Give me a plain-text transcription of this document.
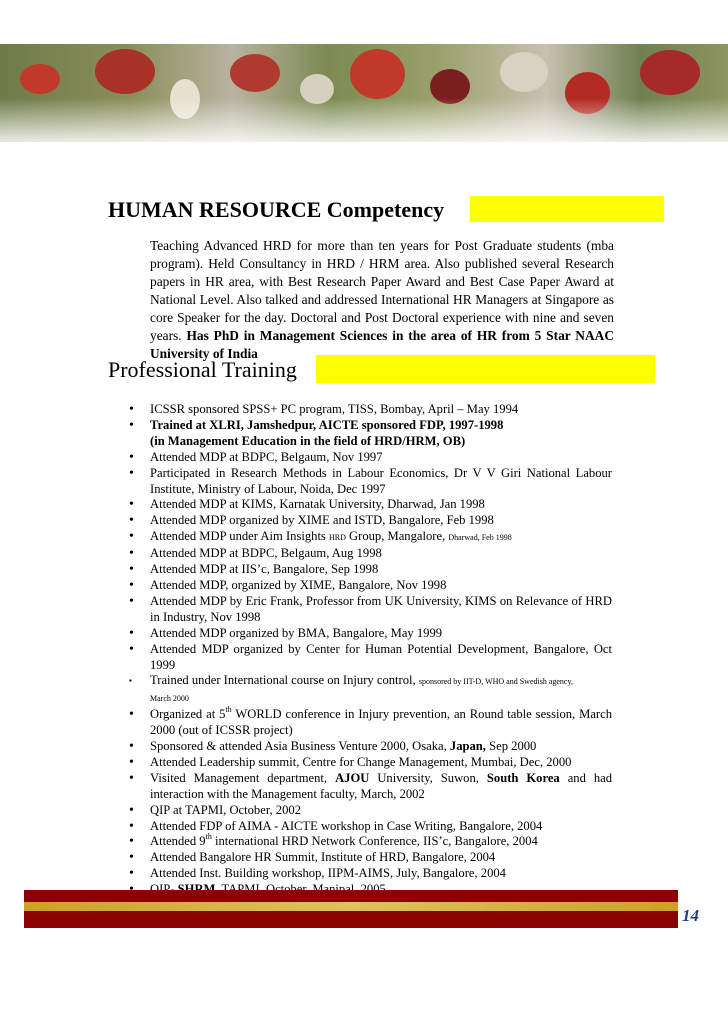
HUMAN RESOURCE Competency

Teaching Advanced HRD for more than ten years for Post Graduate students (mba program). Held Consultancy in HRD / HRM area. Also published several Research papers in HR area, with Best Research Paper Award and Best Case Paper Award at National Level. Also talked and addressed International HR Managers at Singapore as core Speaker for the day. Doctoral and Post Doctoral experience with nine and seven years. Has PhD in Management Sciences in the area of HR from 5 Star NAAC University of India

Professional Training
• ICSSR sponsored SPSS+ PC program, TISS, Bombay, April – May 1994
• Trained at XLRI, Jamshedpur, AICTE sponsored FDP, 1997-1998
(in Management Education in the field of HRD/HRM, OB)
• Attended MDP at BDPC, Belgaum, Nov 1997
• Participated in Research Methods in Labour Economics, Dr V V Giri National Labour Institute, Ministry of Labour, Noida, Dec 1997
• Attended MDP at KIMS, Karnatak University, Dharwad, Jan 1998
• Attended MDP organized by XIME and ISTD, Bangalore, Feb 1998
• Attended MDP under Aim Insights HRD Group, Mangalore, Dharwad, Feb 1998
• Attended MDP at BDPC, Belgaum, Aug 1998
• Attended MDP at IIS’c, Bangalore, Sep 1998
• Attended MDP, organized by XIME, Bangalore, Nov 1998
• Attended MDP by Eric Frank, Professor from UK University, KIMS on Relevance of HRD in Industry, Nov 1998
• Attended MDP organized by BMA, Bangalore, May 1999
• Attended MDP organized by Center for Human Potential Development, Bangalore, Oct 1999
▪ Trained under International course on Injury control, sponsored by IIT-D, WHO and Swedish agency,
March 2000
• Organized at 5th WORLD conference in Injury prevention, an Round table session, March 2000 (out of ICSSR project)
• Sponsored & attended Asia Business Venture 2000, Osaka, Japan, Sep 2000
• Attended Leadership summit, Centre for Change Management, Mumbai, Dec, 2000
• Visited Management department, AJOU University, Suwon, South Korea and had interaction with the Management faculty, March, 2002
• QIP at TAPMI, October, 2002
• Attended FDP of AIMA - AICTE workshop in Case Writing, Bangalore, 2004
• Attended 9th international HRD Network Conference, IIS’c, Bangalore, 2004
• Attended Bangalore HR Summit, Institute of HRD, Bangalore, 2004
• Attended Inst. Building workshop, IIPM-AIMS, July, Bangalore, 2004
•
14
